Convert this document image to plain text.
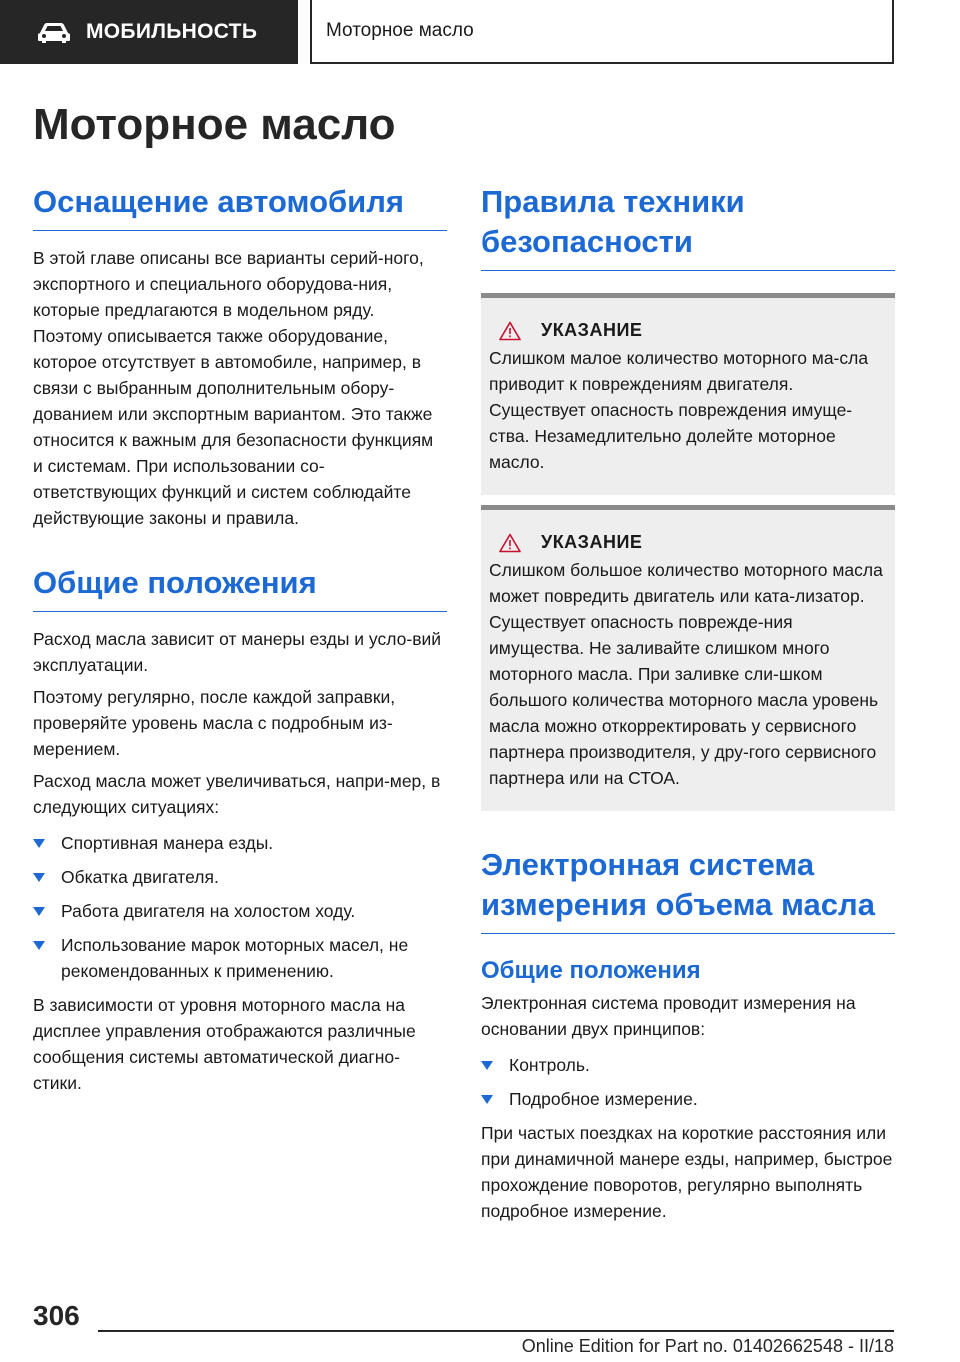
МОБИЛЬНОСТЬ	Моторное масло
Моторное масло
Оснащение автомобиля

В этой главе описаны все варианты серий-ного, экспортного и специального оборудова-ния, которые предлагаются в модельном ряду. Поэтому описывается также оборудование, которое отсутствует в автомобиле, например, в связи с выбранным дополнительным обору-дованием или экспортным вариантом. Это также относится к важным для безопасности функциям и системам. При использовании со-ответствующих функций и систем соблюдайте действующие законы и правила.

Общие положения

Расход масла зависит от манеры езды и усло-вий эксплуатации.

Поэтому регулярно, после каждой заправки, проверяйте уровень масла с подробным из-мерением.

Расход масла может увеличиваться, напри-мер, в следующих ситуациях:

Спортивная манера езды.
Обкатка двигателя.
Работа двигателя на холостом ходу.
Использование марок моторных масел, не рекомендованных к применению.

В зависимости от уровня моторного масла на дисплее управления отображаются различные сообщения системы автоматической диагно-стики.

Правила техники безопасности
УКАЗАНИЕ

Слишком малое количество моторного ма-сла приводит к повреждениям двигателя. Существует опасность повреждения имуще-ства. Незамедлительно долейте моторное масло.

УКАЗАНИЕ

Слишком большое количество моторного масла может повредить двигатель или ката-лизатор. Существует опасность поврежде-ния имущества. Не заливайте слишком много моторного масла. При заливке сли-шком большого количества моторного масла уровень масла можно откорректировать у сервисного партнера производителя, у дру-гого сервисного партнера или на СТОА.

Электронная система измерения объема масла
Общие положения

Электронная система проводит измерения на основании двух принципов:

Контроль.
Подробное измерение.

При частых поездках на короткие расстояния или при динамичной манере езды, например, быстрое прохождение поворотов, регулярно выполнять подробное измерение.

306
Online Edition for Part no. 01402662548 - II/18
